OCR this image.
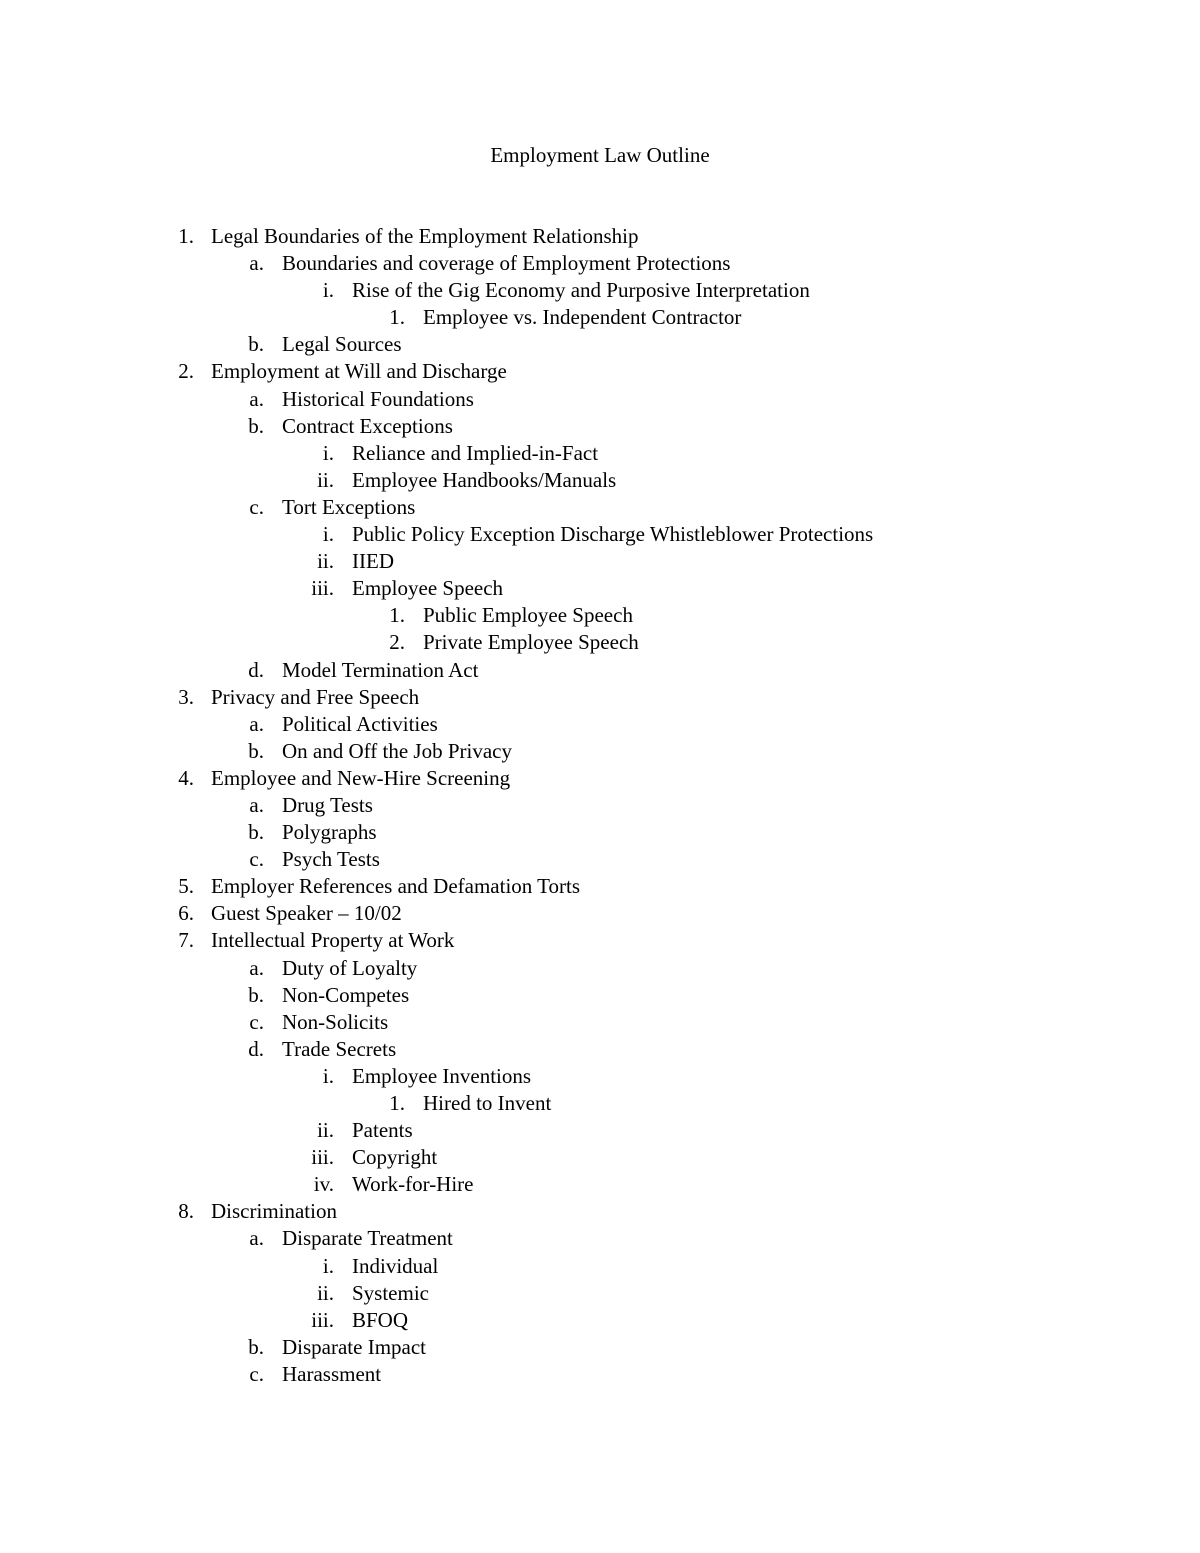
Employment Law Outline
1. Legal Boundaries of the Employment Relationship
a. Boundaries and coverage of Employment Protections
i. Rise of the Gig Economy and Purposive Interpretation
1. Employee vs. Independent Contractor
b. Legal Sources
2. Employment at Will and Discharge
a. Historical Foundations
b. Contract Exceptions
i. Reliance and Implied-in-Fact
ii. Employee Handbooks/Manuals
c. Tort Exceptions
i. Public Policy Exception Discharge Whistleblower Protections
ii. IIED
iii. Employee Speech
1. Public Employee Speech
2. Private Employee Speech
d. Model Termination Act
3. Privacy and Free Speech
a. Political Activities
b. On and Off the Job Privacy
4. Employee and New-Hire Screening
a. Drug Tests
b. Polygraphs
c. Psych Tests
5. Employer References and Defamation Torts
6. Guest Speaker – 10/02
7. Intellectual Property at Work
a. Duty of Loyalty
b. Non-Competes
c. Non-Solicits
d. Trade Secrets
i. Employee Inventions
1. Hired to Invent
ii. Patents
iii. Copyright
iv. Work-for-Hire
8. Discrimination
a. Disparate Treatment
i. Individual
ii. Systemic
iii. BFOQ
b. Disparate Impact
c. Harassment
